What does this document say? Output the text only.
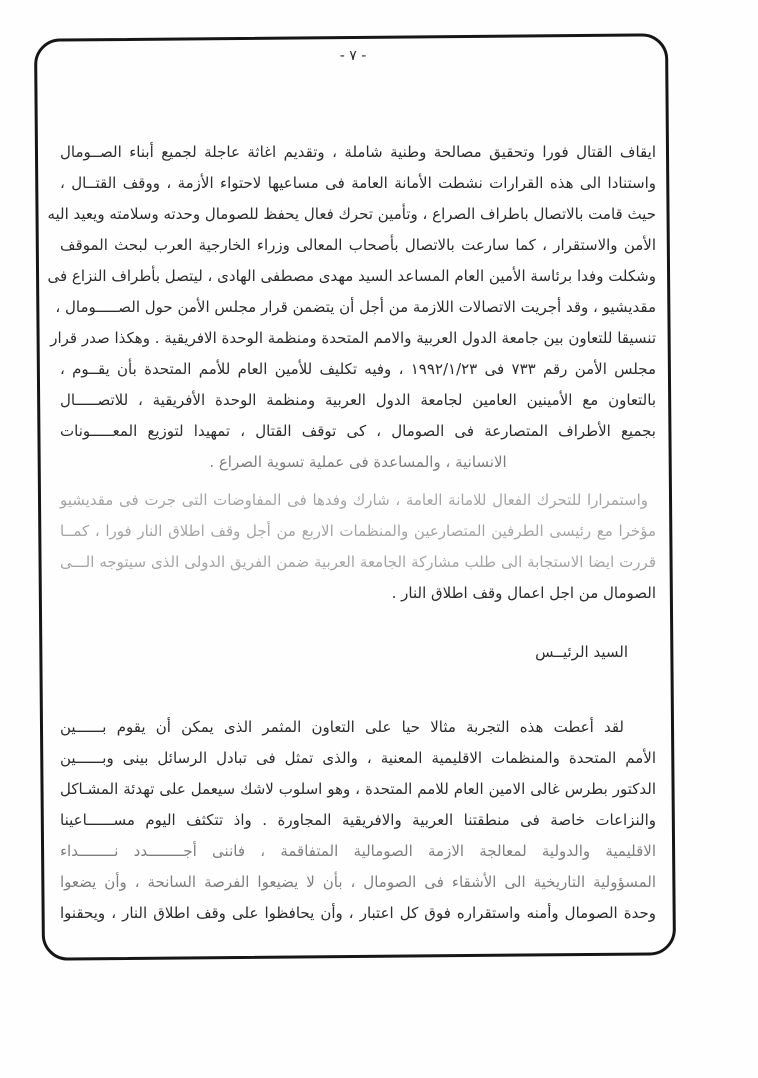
- ٧ -
ايقاف القتال فورا وتحقيق مصالحة وطنية شاملة ، وتقديم اغاثة عاجلة لجميع أبناء الصــومال
واستنادا الى هذه القرارات نشطت الأمانة العامة فى مساعيها لاحتواء الأزمة ، ووقف القتــال ،
حيث قامت بالاتصال باطراف الصراع ، وتأمين تحرك فعال يحفظ للصومال وحدته وسلامته ويعيد اليه
الأمن والاستقرار ، كما سارعت بالاتصال بأصحاب المعالى وزراء الخارجية العرب لبحث الموقف
وشكلت وفدا برئاسة الأمين العام المساعد السيد مهدى مصطفى الهادى ، ليتصل بأطراف النزاع فى
مقديشيو ، وقد أجريت الاتصالات اللازمة من أجل أن يتضمن قرار مجلس الأمن حول الصـــــومال ،
تنسيقا للتعاون بين جامعة الدول العربية والامم المتحدة ومنظمة الوحدة الافريقية . وهكذا صدر قرار
مجلس الأمن رقم ٧٣٣ فى ١٩٩٢/١/٢٣ ، وفيه تكليف للأمين العام للأمم المتحدة بأن يقــوم ،
بالتعاون مع الأمينين العامين لجامعة الدول العربية ومنظمة الوحدة الأفريقية ، للاتصـــــال
بجميع الأطراف المتصارعة فى الصومال ، كى توقف القتال ، تمهيدا لتوزيع المعـــــونات
الانسانية ، والمساعدة فى عملية تسوية الصراع .
واستمرارا للتحرك الفعال للامانة العامة ، شارك وفدها فى المفاوضات التى جرت فى مقديشيو
مؤخرا مع رئيسى الطرفين المتصارعين والمنظمات الاربع من أجل وقف اطلاق النار فورا ، كمــا
قررت ايضا الاستجابة الى طلب مشاركة الجامعة العربية ضمن الفريق الدولى الذى سيتوجه الـــى
الصومال من اجل اعمال وقف اطلاق النار .
السيد الرئيــس
لقد أعطت هذه التجربة مثالا حيا على التعاون المثمر الذى يمكن أن يقوم بــــــين
الأمم المتحدة والمنظمات الاقليمية المعنية ، والذى تمثل فى تبادل الرسائل بينى وبــــــين
الدكتور بطرس غالى الامين العام للامم المتحدة ، وهو اسلوب لاشك سيعمل على تهدئة المشـاكل
والنزاعات خاصة فى منطقتنا العربية والافريقية المجاورة . واذ تتكثف اليوم مســــــاعينا
الاقليمية والدولية لمعالجة الازمة الصومالية المتفاقمة ، فاننى أجــــــــدد نــــــــداء
المسؤولية التاريخية الى الأشقاء فى الصومال ، بأن لا يضيعوا الفرصة السانحة ، وأن يضعوا
وحدة الصومال وأمنه واستقراره فوق كل اعتبار ، وأن يحافظوا على وقف اطلاق النار ، ويحقنوا
